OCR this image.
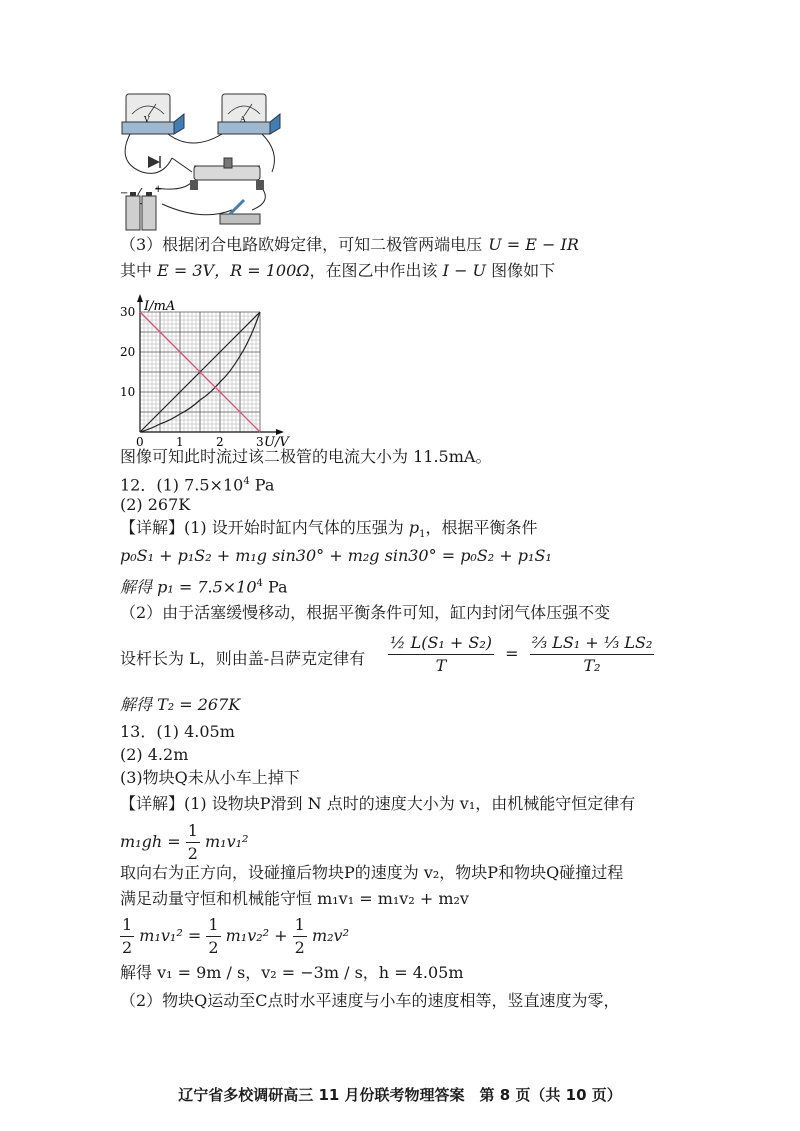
V	A
−	+
（3）根据闭合电路欧姆定律，可知二极管两端电压 U = E − IR
其中 E = 3V，R = 100Ω，在图乙中作出该 I − U 图像如下
0	1	2	3
10
20
30
U/V
I/mA
图像可知此时流过该二极管的电流大小为 11.5mA。
12．(1) $7.5\times 10^4$ Pa
(2) 267K
【详解】(1) 设开始时缸内气体的压强为 $p_1$，根据平衡条件
p₀S₁ + p₁S₂ + m₁g sin30° + m₂g sin30° = p₀S₂ + p₁S₁
解得 $p_1 = 7.5\times 10^4$ Pa
（2）由于活塞缓慢移动，根据平衡条件可知，缸内封闭气体压强不变
设杆长为 L，则由盖-吕萨克定律有 $\frac{\text{½ L(S₁ + S₂)}}{T} = \frac{\text{⅔ LS₁ + ⅓ LS₂}}{\text{T₂}}$
解得 T₂ = 267K
13．(1) 4.05m
(2) 4.2m
(3)物块Q未从小车上掉下
【详解】(1) 设物块P滑到 N 点时的速度大小为 v₁，由机械能守恒定律有
$m_1gh = \frac{1}{2} m_1v_1^2$
取向右为正方向，设碰撞后物块P的速度为 v₂，物块P和物块Q碰撞过程
满足动量守恒和机械能守恒 m₁v₁ = m₁v₂ + m₂v
$\frac{1}{2} m_1v_1^2 = \frac{1}{2} m_1v_2^2 + \frac{1}{2} m_2v^2$
解得 v₁ = 9m / s，v₂ = −3m / s，h = 4.05m
（2）物块Q运动至C点时水平速度与小车的速度相等，竖直速度为零，
辽宁省多校调研高三 11 月份联考物理答案　第 8 页（共 10 页）
